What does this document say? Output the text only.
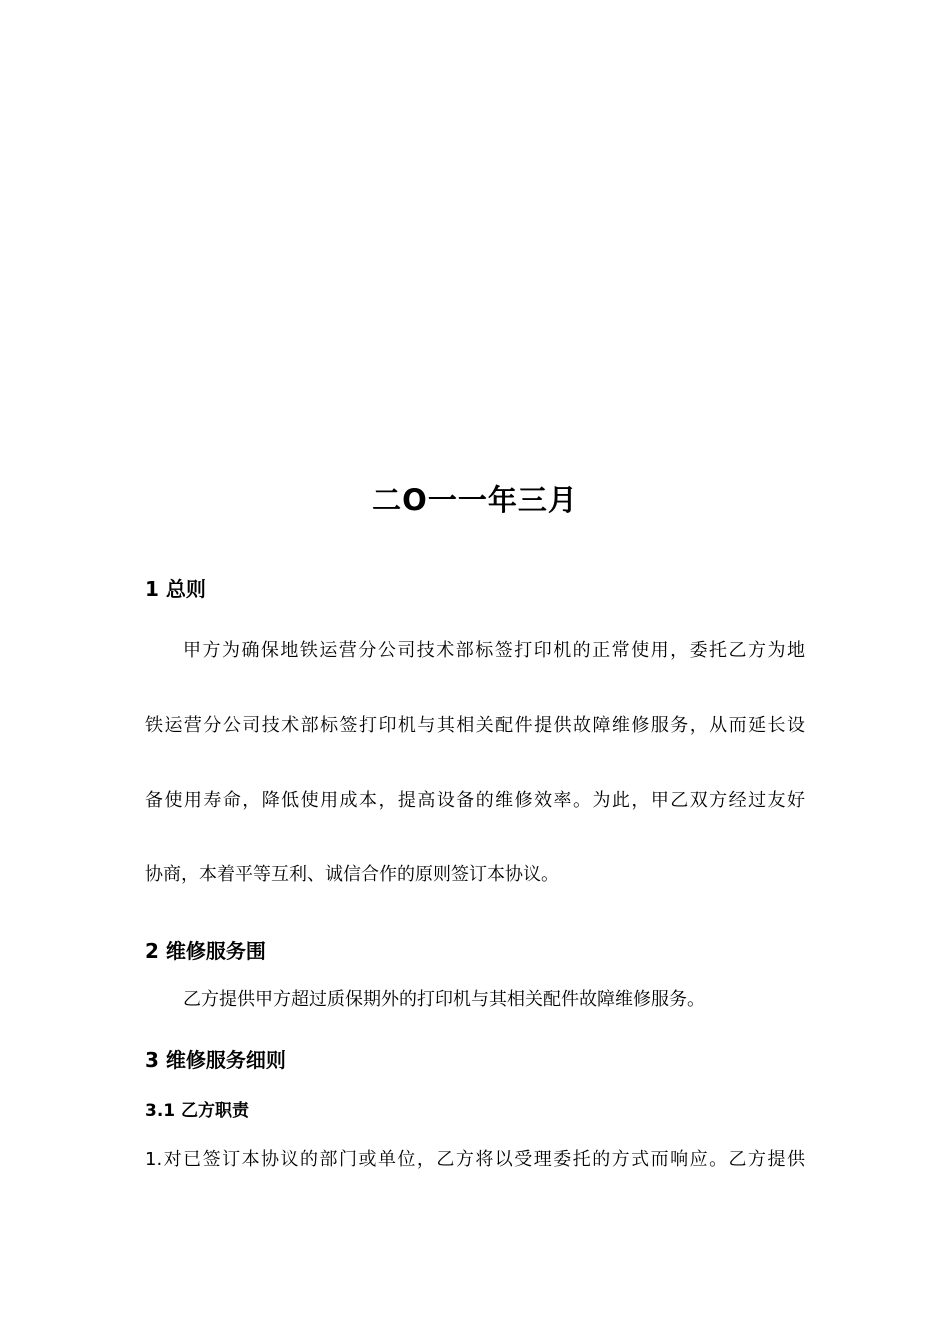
二O一一年三月
1 总则
甲方为确保地铁运营分公司技术部标签打印机的正常使用，委托乙方为地
铁运营分公司技术部标签打印机与其相关配件提供故障维修服务，从而延长设
备使用寿命，降低使用成本，提高设备的维修效率。为此，甲乙双方经过友好
协商，本着平等互利、诚信合作的原则签订本协议。
2 维修服务围
乙方提供甲方超过质保期外的打印机与其相关配件故障维修服务。
3 维修服务细则
3.1 乙方职责
1.对已签订本协议的部门或单位，乙方将以受理委托的方式而响应。乙方提供
